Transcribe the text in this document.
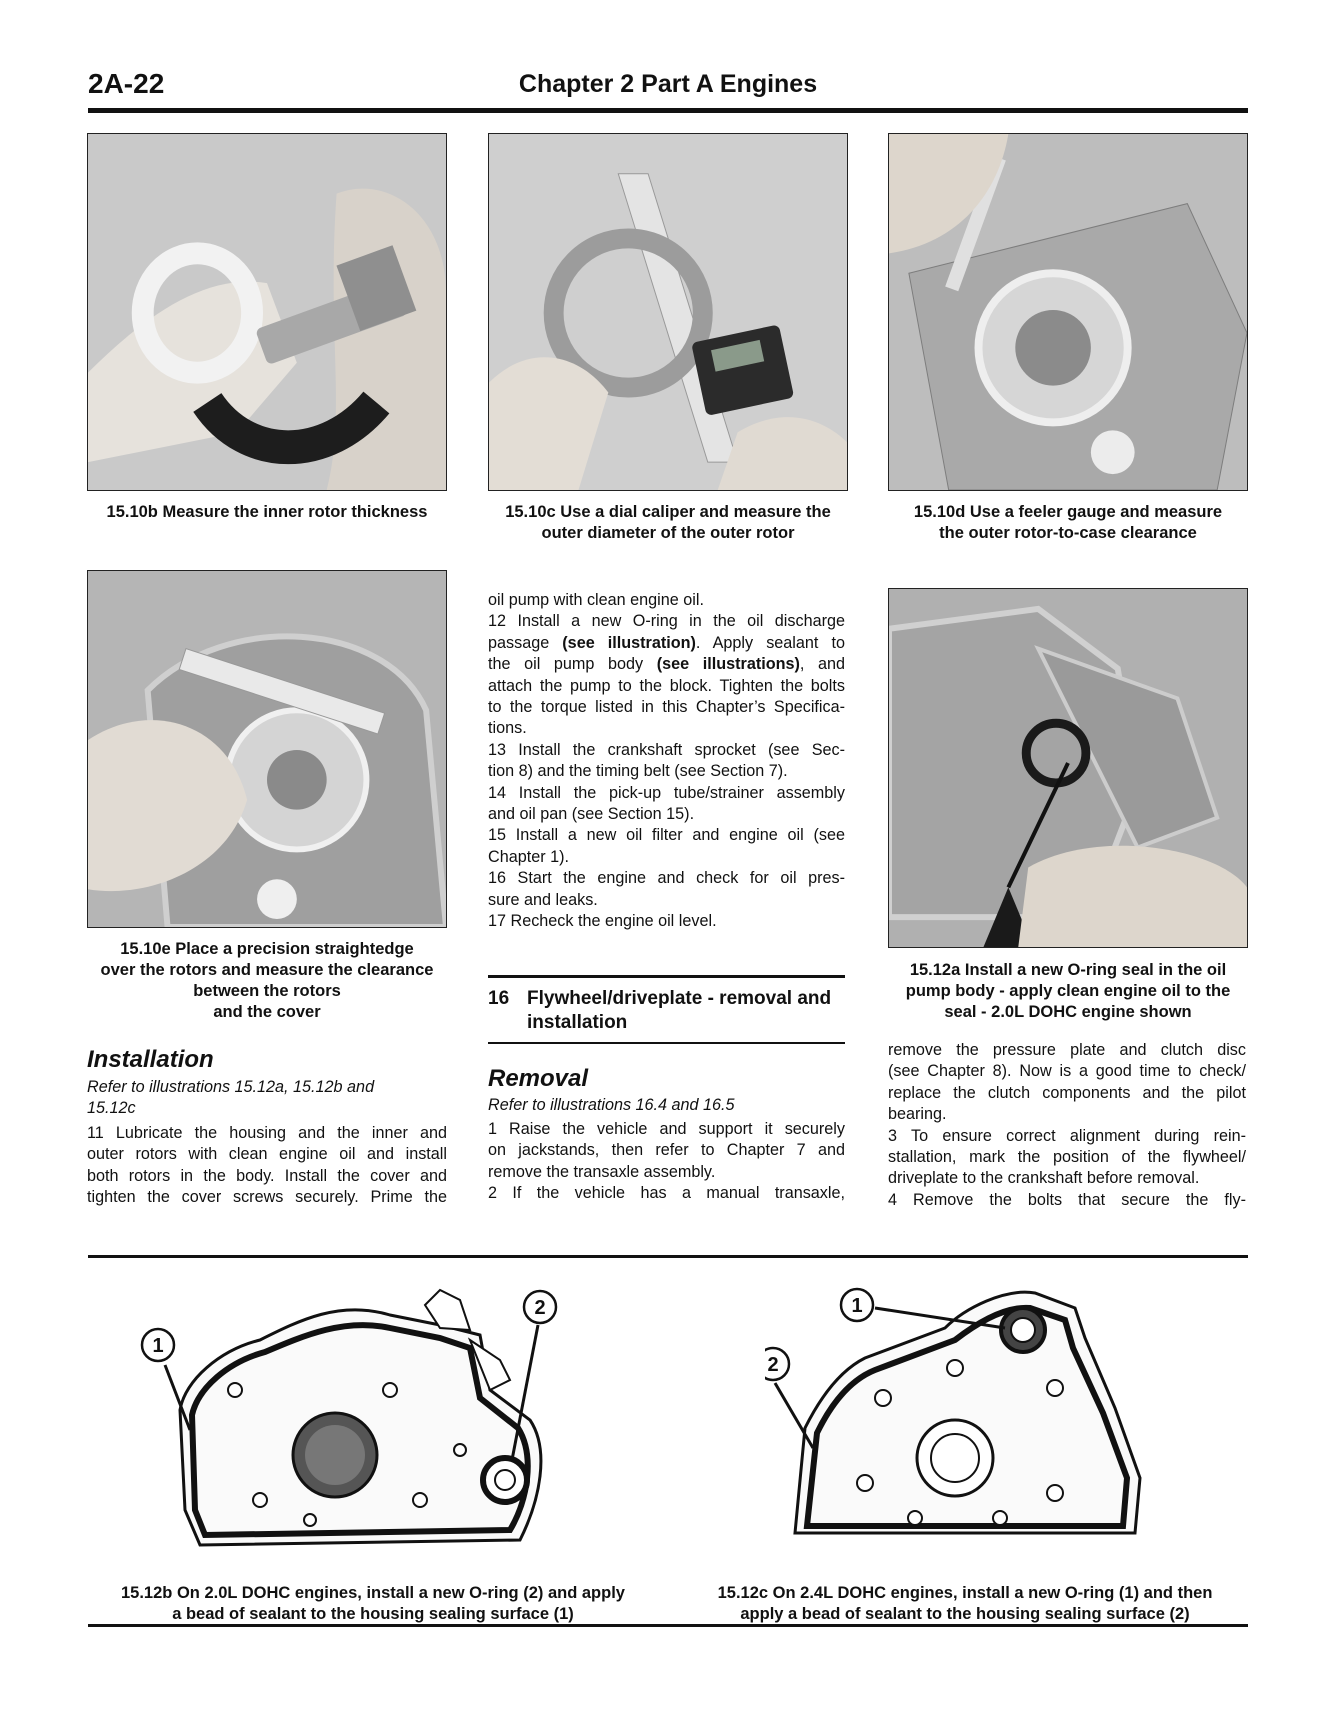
2A-22	Chapter 2 Part A Engines
15.10b Measure the inner rotor thickness	15.10c Use a dial caliper and measure the
outer diameter of the outer rotor
15.10d Use a feeler gauge and measure
the outer rotor-to-case clearance
15.10e Place a precision straightedge
over the rotors and measure the clearance
between the rotors
and the cover
Installation

Refer to illustrations 15.12a, 15.12b and

15.12c

11 Lubricate the housing and the inner and

outer rotors with clean engine oil and install

both rotors in the body. Install the cover and

tighten the cover screws securely. Prime the

oil pump with clean engine oil.

12 Install a new O-ring in the oil discharge

passage (see illustration). Apply sealant to

the oil pump body (see illustrations), and

attach the pump to the block. Tighten the bolts

to the torque listed in this Chapter’s Specifica-

tions.

13 Install the crankshaft sprocket (see Sec-

tion 8) and the timing belt (see Section 7).

14 Install the pick-up tube/strainer assembly

and oil pan (see Section 15).

15 Install a new oil filter and engine oil (see

Chapter 1).

16 Start the engine and check for oil pres-

sure and leaks.

17 Recheck the engine oil level.

16 Flywheel/driveplate - removal and
installation
Removal
Refer to illustrations 16.4 and 16.5

1 Raise the vehicle and support it securely

on jackstands, then refer to Chapter 7 and

remove the transaxle assembly.

2 If the vehicle has a manual transaxle,

15.12a Install a new O-ring seal in the oil
pump body - apply clean engine oil to the
seal - 2.0L DOHC engine shown

remove the pressure plate and clutch disc

(see Chapter 8). Now is a good time to check/

replace the clutch components and the pilot

bearing.

3 To ensure correct alignment during rein-

stallation, mark the position of the flywheel/

driveplate to the crankshaft before removal.

4 Remove the bolts that secure the fly-

1
2
15.12b On 2.0L DOHC engines, install a new O-ring (2) and apply
a bead of sealant to the housing sealing surface (1)
1
2
15.12c On 2.4L DOHC engines, install a new O-ring (1) and then
apply a bead of sealant to the housing sealing surface (2)
